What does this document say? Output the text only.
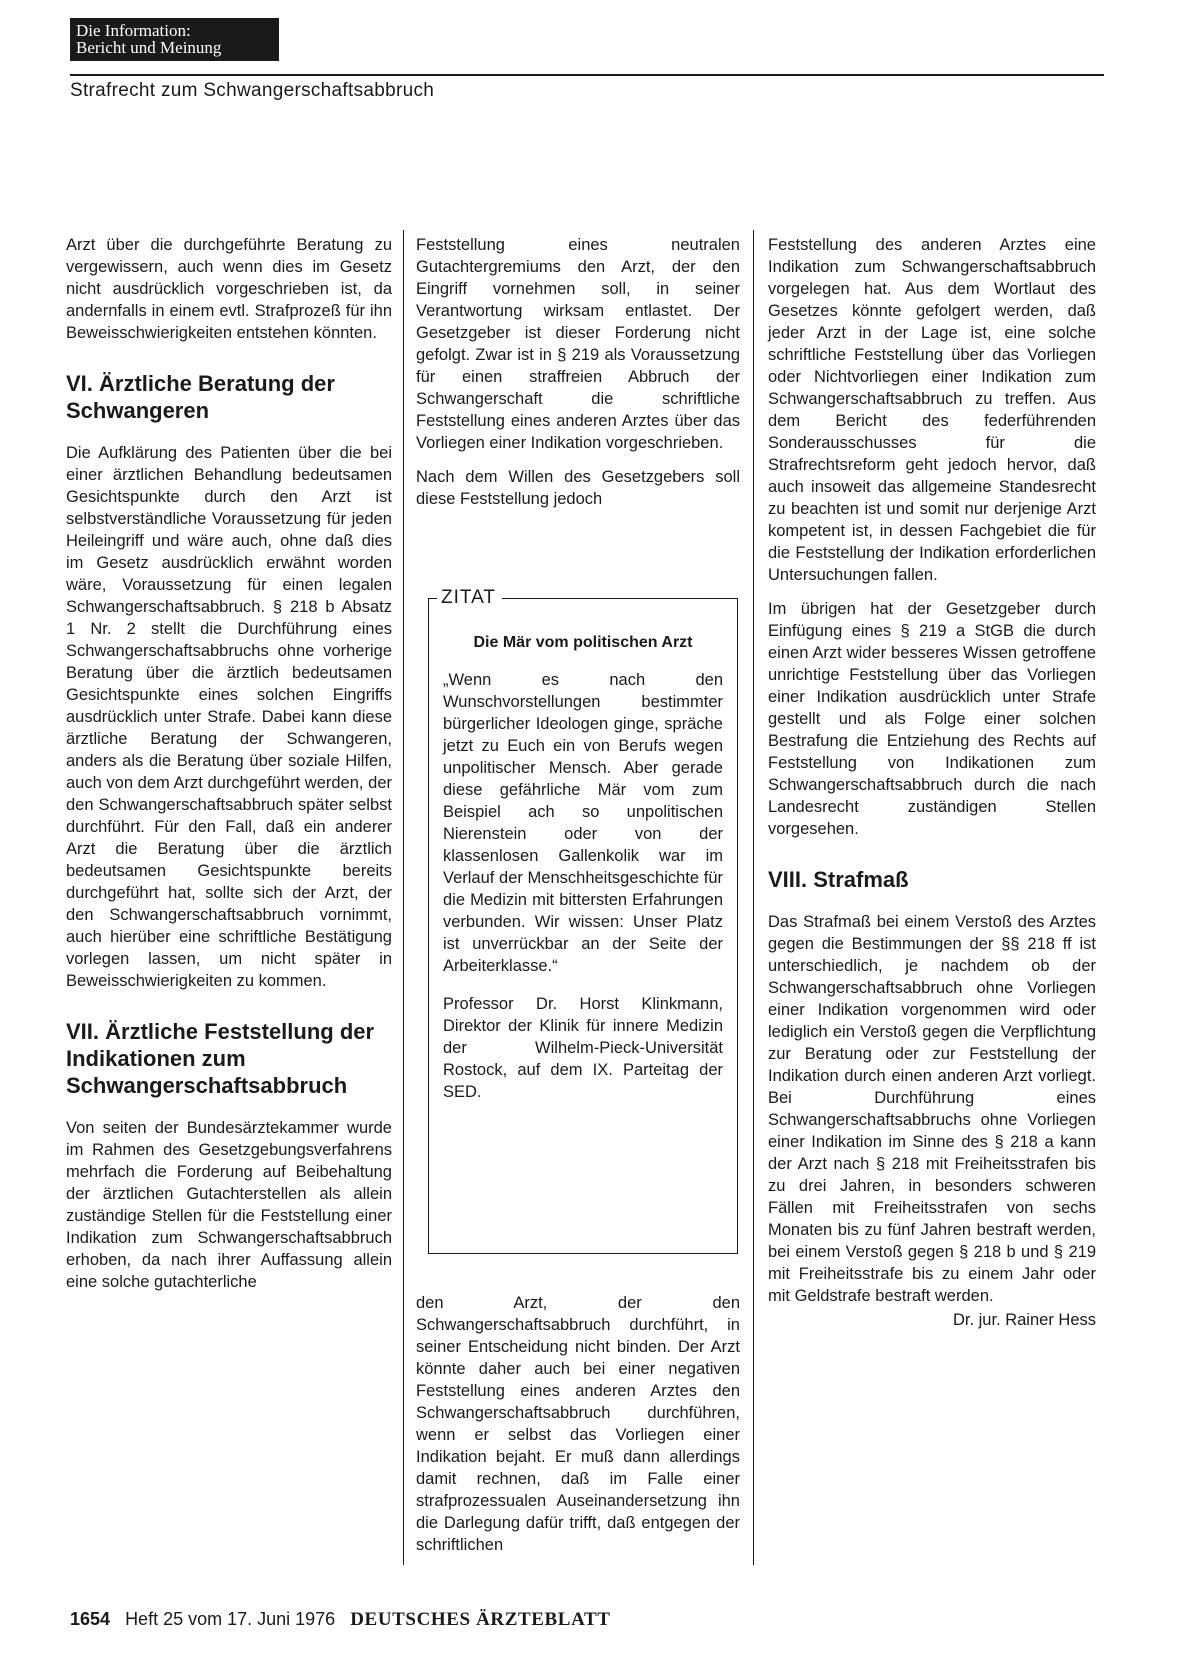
Die Information:
Bericht und Meinung
Strafrecht zum Schwangerschaftsabbruch

Arzt über die durchgeführte Beratung zu vergewissern, auch wenn dies im Gesetz nicht ausdrücklich vorgeschrieben ist, da andernfalls in einem evtl. Strafprozeß für ihn Beweisschwierigkeiten entstehen könnten.

VI. Ärztliche Beratung der Schwangeren

Die Aufklärung des Patienten über die bei einer ärztlichen Behandlung bedeutsamen Gesichtspunkte durch den Arzt ist selbstverständliche Voraussetzung für jeden Heileingriff und wäre auch, ohne daß dies im Gesetz ausdrücklich erwähnt worden wäre, Voraussetzung für einen legalen Schwangerschaftsabbruch. § 218 b Absatz 1 Nr. 2 stellt die Durchführung eines Schwangerschaftsabbruchs ohne vorherige Beratung über die ärztlich bedeutsamen Gesichtspunkte eines solchen Eingriffs ausdrücklich unter Strafe. Dabei kann diese ärztliche Beratung der Schwangeren, anders als die Beratung über soziale Hilfen, auch von dem Arzt durchgeführt werden, der den Schwangerschaftsabbruch später selbst durchführt. Für den Fall, daß ein anderer Arzt die Beratung über die ärztlich bedeutsamen Gesichtspunkte bereits durchgeführt hat, sollte sich der Arzt, der den Schwangerschaftsabbruch vornimmt, auch hierüber eine schriftliche Bestätigung vorlegen lassen, um nicht später in Beweisschwierigkeiten zu kommen.

VII. Ärztliche Feststellung der Indikationen zum Schwangerschaftsabbruch

Von seiten der Bundesärztekammer wurde im Rahmen des Gesetzgebungsverfahrens mehrfach die Forderung auf Beibehaltung der ärztlichen Gutachterstellen als allein zuständige Stellen für die Feststellung einer Indikation zum Schwangerschaftsabbruch erhoben, da nach ihrer Auffassung allein eine solche gutachterliche

Feststellung eines neutralen Gutachtergremiums den Arzt, der den Eingriff vornehmen soll, in seiner Verantwortung wirksam entlastet. Der Gesetzgeber ist dieser Forderung nicht gefolgt. Zwar ist in § 219 als Voraussetzung für einen straffreien Abbruch der Schwangerschaft die schriftliche Feststellung eines anderen Arztes über das Vorliegen einer Indikation vorgeschrieben.

Nach dem Willen des Gesetzgebers soll diese Feststellung jedoch

ZITAT

Die Mär vom politischen Arzt

„Wenn es nach den Wunschvorstellungen bestimmter bürgerlicher Ideologen ginge, spräche jetzt zu Euch ein von Berufs wegen unpolitischer Mensch. Aber gerade diese gefährliche Mär vom zum Beispiel ach so unpolitischen Nierenstein oder von der klassenlosen Gallenkolik war im Verlauf der Menschheitsgeschichte für die Medizin mit bittersten Erfahrungen verbunden. Wir wissen: Unser Platz ist unverrückbar an der Seite der Arbeiterklasse.“

Professor Dr. Horst Klinkmann, Direktor der Klinik für innere Medizin der Wilhelm-Pieck-Universität Rostock, auf dem IX. Parteitag der SED.

den Arzt, der den Schwangerschaftsabbruch durchführt, in seiner Entscheidung nicht binden. Der Arzt könnte daher auch bei einer negativen Feststellung eines anderen Arztes den Schwangerschaftsabbruch durchführen, wenn er selbst das Vorliegen einer Indikation bejaht. Er muß dann allerdings damit rechnen, daß im Falle einer strafprozessualen Auseinandersetzung ihn die Darlegung dafür trifft, daß entgegen der schriftlichen

Feststellung des anderen Arztes eine Indikation zum Schwangerschaftsabbruch vorgelegen hat. Aus dem Wortlaut des Gesetzes könnte gefolgert werden, daß jeder Arzt in der Lage ist, eine solche schriftliche Feststellung über das Vorliegen oder Nichtvorliegen einer Indikation zum Schwangerschaftsabbruch zu treffen. Aus dem Bericht des federführenden Sonderausschusses für die Strafrechtsreform geht jedoch hervor, daß auch insoweit das allgemeine Standesrecht zu beachten ist und somit nur derjenige Arzt kompetent ist, in dessen Fachgebiet die für die Feststellung der Indikation erforderlichen Untersuchungen fallen.

Im übrigen hat der Gesetzgeber durch Einfügung eines § 219 a StGB die durch einen Arzt wider besseres Wissen getroffene unrichtige Feststellung über das Vorliegen einer Indikation ausdrücklich unter Strafe gestellt und als Folge einer solchen Bestrafung die Entziehung des Rechts auf Feststellung von Indikationen zum Schwangerschaftsabbruch durch die nach Landesrecht zuständigen Stellen vorgesehen.

VIII. Strafmaß

Das Strafmaß bei einem Verstoß des Arztes gegen die Bestimmungen der §§ 218 ff ist unterschiedlich, je nachdem ob der Schwangerschaftsabbruch ohne Vorliegen einer Indikation vorgenommen wird oder lediglich ein Verstoß gegen die Verpflichtung zur Beratung oder zur Feststellung der Indikation durch einen anderen Arzt vorliegt. Bei Durchführung eines Schwangerschaftsabbruchs ohne Vorliegen einer Indikation im Sinne des § 218 a kann der Arzt nach § 218 mit Freiheitsstrafen bis zu drei Jahren, in besonders schweren Fällen mit Freiheitsstrafen von sechs Monaten bis zu fünf Jahren bestraft werden, bei einem Verstoß gegen § 218 b und § 219 mit Freiheitsstrafe bis zu einem Jahr oder mit Geldstrafe bestraft werden.

Dr. jur. Rainer Hess

1654 Heft 25 vom 17. Juni 1976 DEUTSCHES ÄRZTEBLATT
